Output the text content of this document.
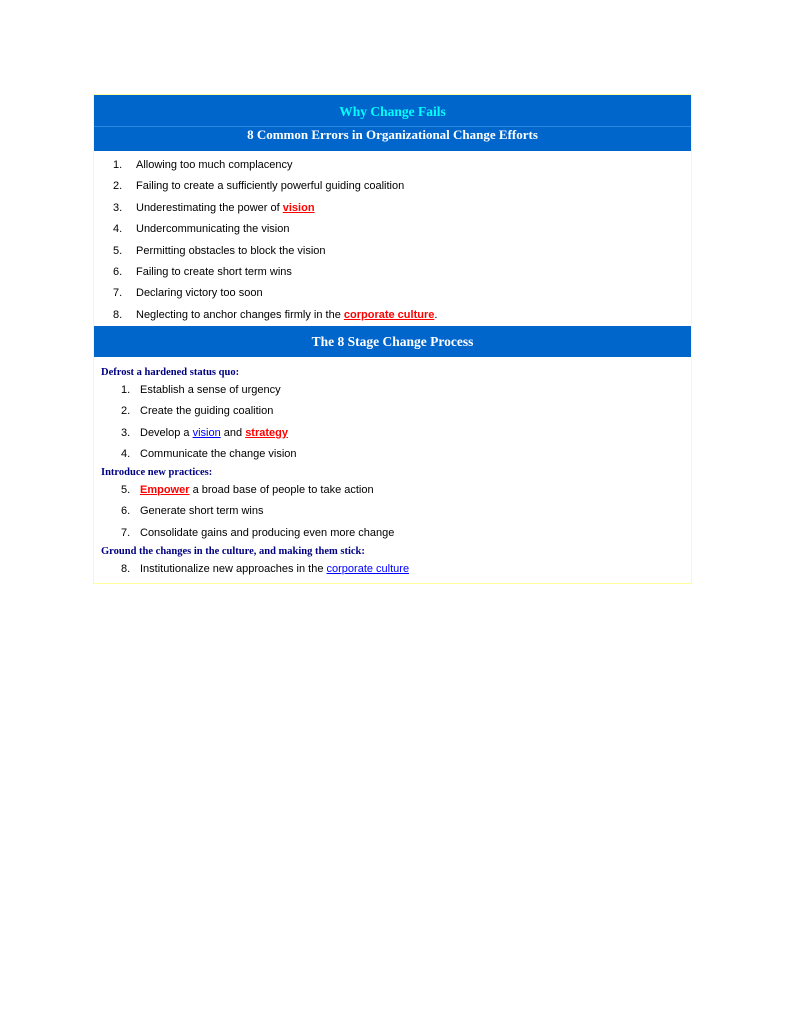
Why Change Fails
8 Common Errors in Organizational Change Efforts
1. Allowing too much complacency
2. Failing to create a sufficiently powerful guiding coalition
3. Underestimating the power of vision
4. Undercommunicating the vision
5. Permitting obstacles to block the vision
6. Failing to create short term wins
7. Declaring victory too soon
8. Neglecting to anchor changes firmly in the corporate culture.
The 8 Stage Change Process
Defrost a hardened status quo:
1. Establish a sense of urgency
2. Create the guiding coalition
3. Develop a vision and strategy
4. Communicate the change vision
Introduce new practices:
5. Empower a broad base of people to take action
6. Generate short term wins
7. Consolidate gains and producing even more change
Ground the changes in the culture, and making them stick:
8. Institutionalize new approaches in the corporate culture
